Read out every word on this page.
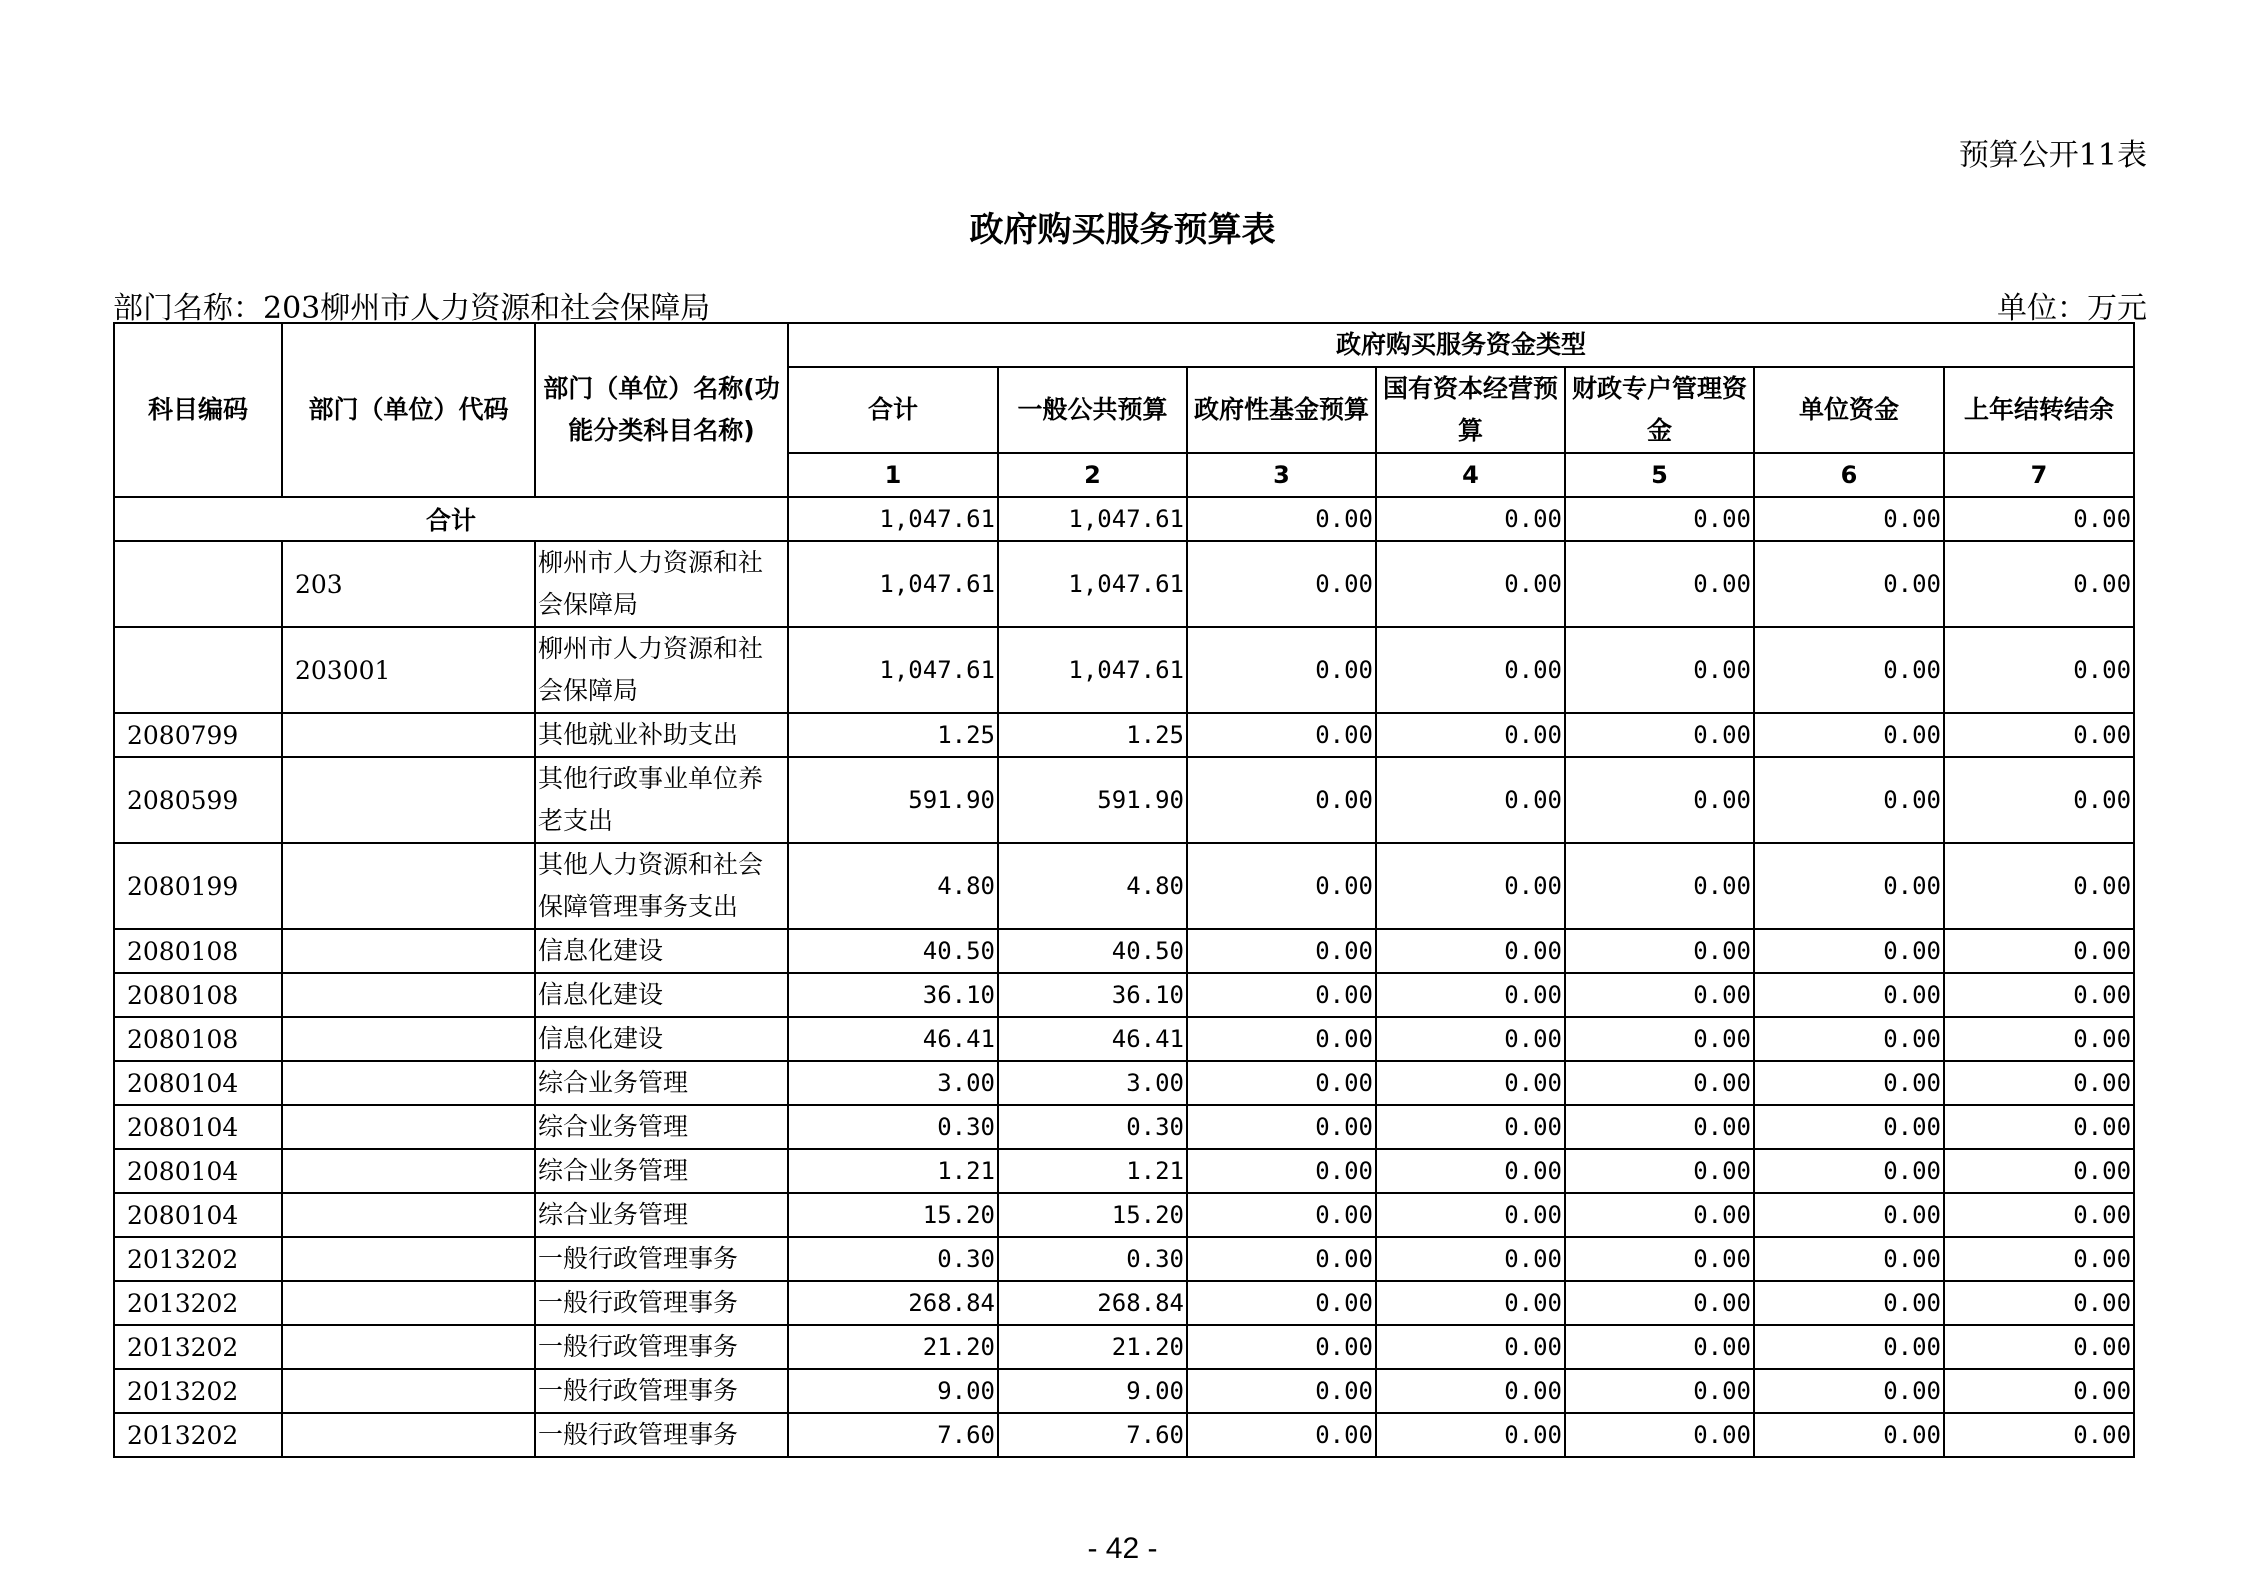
预算公开11表
政府购买服务预算表
部门名称：203柳州市人力资源和社会保障局	单位：万元
科目编码	部门（单位）代码	部门（单位）名称(功能分类科目名称)	政府购买服务资金类型						
			合计	一般公共预算	政府性基金预算	国有资本经营预算	财政专户管理资金	单位资金	上年结转结余
			1	2	3	4	5	6	7
合计			1,047.61	1,047.61	0.00	0.00	0.00	0.00	0.00
	203	柳州市人力资源和社会保障局	1,047.61	1,047.61	0.00	0.00	0.00	0.00	0.00
	203001	柳州市人力资源和社会保障局	1,047.61	1,047.61	0.00	0.00	0.00	0.00	0.00
2080799		其他就业补助支出	1.25	1.25	0.00	0.00	0.00	0.00	0.00
2080599		其他行政事业单位养老支出	591.90	591.90	0.00	0.00	0.00	0.00	0.00
2080199		其他人力资源和社会保障管理事务支出	4.80	4.80	0.00	0.00	0.00	0.00	0.00
2080108		信息化建设	40.50	40.50	0.00	0.00	0.00	0.00	0.00
2080108		信息化建设	36.10	36.10	0.00	0.00	0.00	0.00	0.00
2080108		信息化建设	46.41	46.41	0.00	0.00	0.00	0.00	0.00
2080104		综合业务管理	3.00	3.00	0.00	0.00	0.00	0.00	0.00
2080104		综合业务管理	0.30	0.30	0.00	0.00	0.00	0.00	0.00
2080104		综合业务管理	1.21	1.21	0.00	0.00	0.00	0.00	0.00
2080104		综合业务管理	15.20	15.20	0.00	0.00	0.00	0.00	0.00
2013202		一般行政管理事务	0.30	0.30	0.00	0.00	0.00	0.00	0.00
2013202		一般行政管理事务	268.84	268.84	0.00	0.00	0.00	0.00	0.00
2013202		一般行政管理事务	21.20	21.20	0.00	0.00	0.00	0.00	0.00
2013202		一般行政管理事务	9.00	9.00	0.00	0.00	0.00	0.00	0.00
2013202		一般行政管理事务	7.60	7.60	0.00	0.00	0.00	0.00	0.00
- 42 -
